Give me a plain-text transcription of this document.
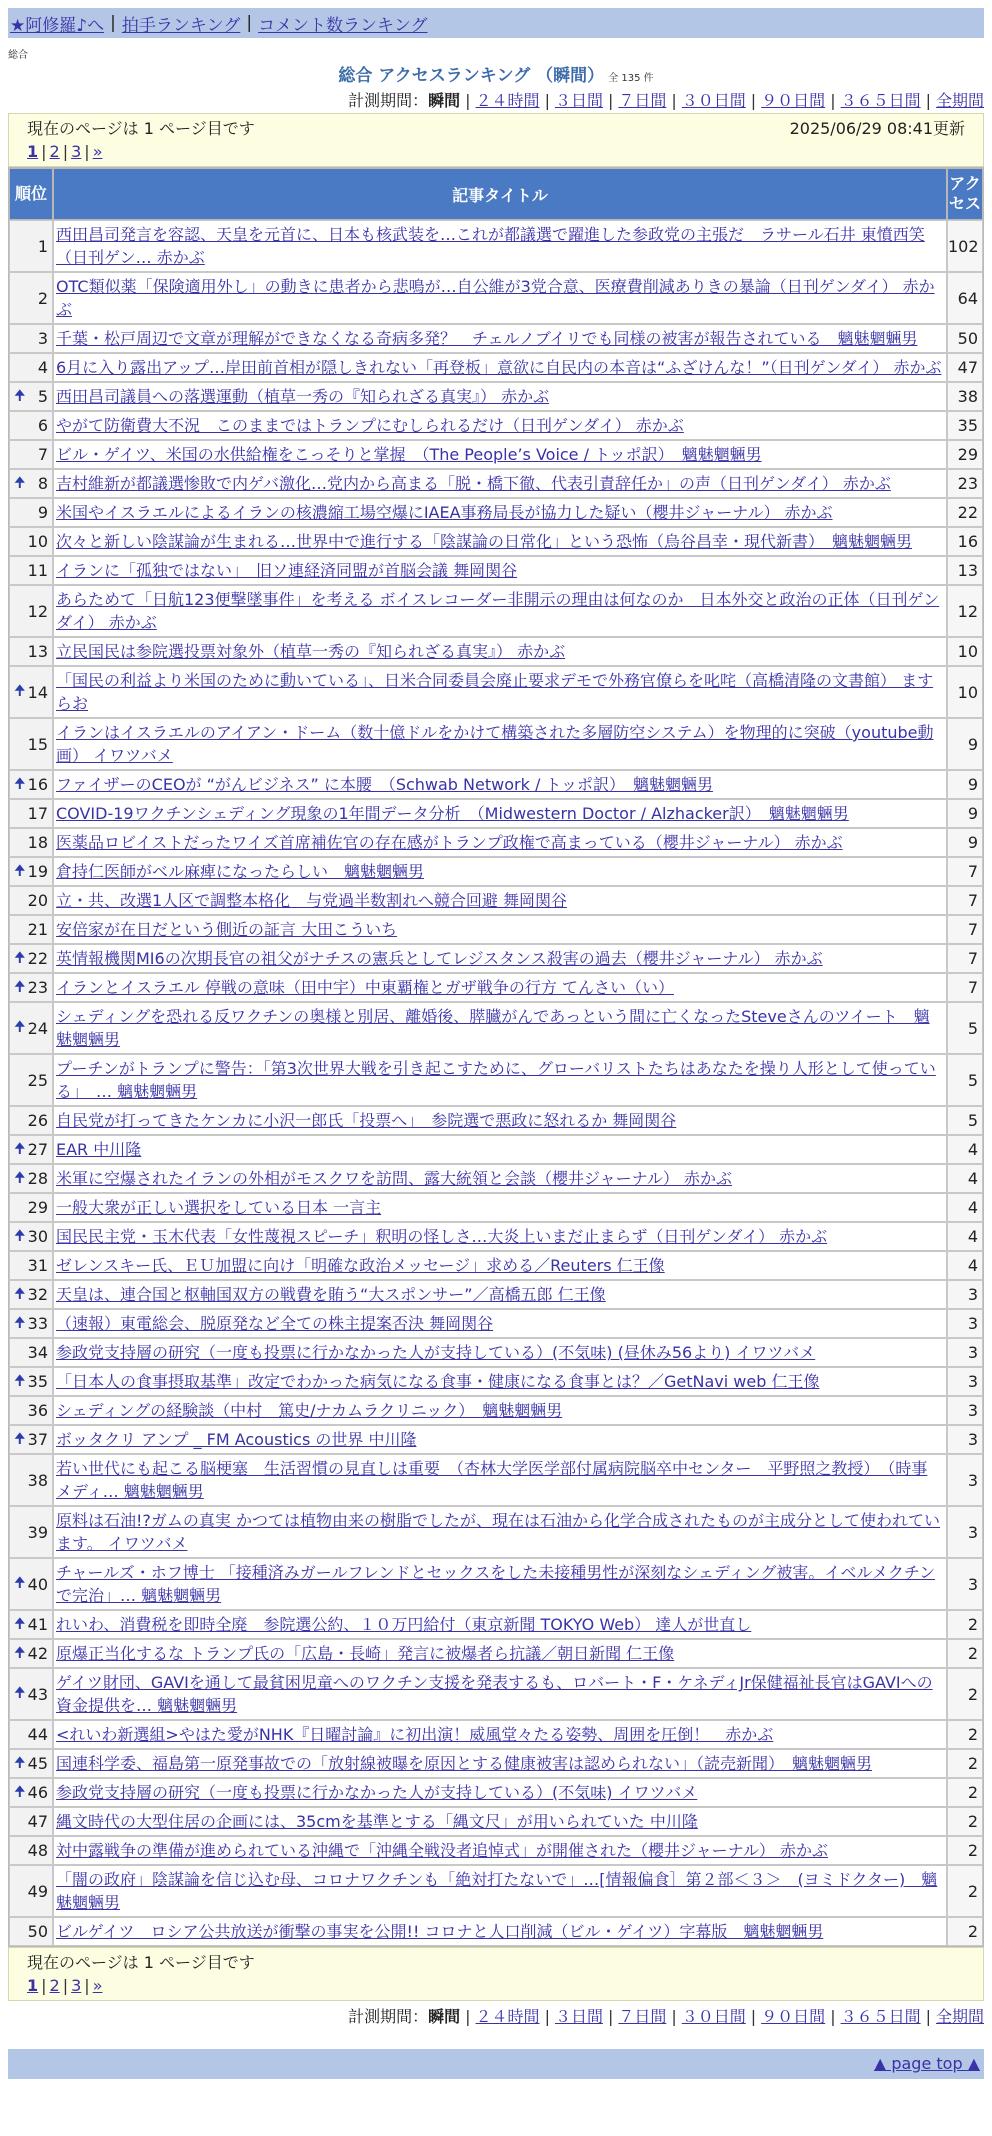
★阿修羅♪へ | 拍手ランキング | コメント数ランキング
総合
総合 アクセスランキング （瞬間） 全 135 件
計測期間：瞬間 | ２４時間 | ３日間 | ７日間 | ３０日間 | ９０日間 | ３６５日間 | 全期間
現在のページは 1 ページ目です	2025/06/29 08:41更新
1 | 2 | 3 | »
順位	記事タイトル	アクセス
1	西田昌司発言を容認、天皇を元首に、日本も核武装を…これが都議選で躍進した参政党の主張だ　ラサール石井 東憤西笑（日刊ゲン… 赤かぶ	102
2	OTC類似薬「保険適用外し」の動きに患者から悲鳴が…自公維が3党合意、医療費削減ありきの暴論（日刊ゲンダイ） 赤かぶ	64
3	千葉・松戸周辺で文章が理解ができなくなる奇病多発？　チェルノブイリでも同様の被害が報告されている　魑魅魍魎男	50
4	6月に入り露出アップ…岸田前首相が隠しきれない「再登板」意欲に自民内の本音は“ふざけんな！”（日刊ゲンダイ） 赤かぶ	47

🠉 5	西田昌司議員への落選運動（植草一秀の『知られざる真実』） 赤かぶ	38
6	やがて防衛費大不況　このままではトランプにむしられるだけ（日刊ゲンダイ） 赤かぶ	35
7	ビル・ゲイツ、米国の水供給権をこっそりと掌握　（The People’s Voice / トッポ訳）　魑魅魍魎男	29

🠉 8	吉村維新が都議選惨敗で内ゲバ激化…党内から高まる「脱・橋下徹、代表引責辞任か」の声（日刊ゲンダイ） 赤かぶ	23
9	米国やイスラエルによるイランの核濃縮工場空爆にIAEA事務局長が協力した疑い（櫻井ジャーナル） 赤かぶ	22
10	次々と新しい陰謀論が生まれる…世界中で進行する「陰謀論の日常化」という恐怖（烏谷昌幸・現代新書）　魑魅魍魎男	16
11	イランに「孤独ではない」　旧ソ連経済同盟が首脳会議 舞岡関谷	13
12	あらためて「日航123便撃墜事件」を考える ボイスレコーダー非開示の理由は何なのか　日本外交と政治の正体（日刊ゲンダイ） 赤かぶ	12
13	立民国民は参院選投票対象外（植草一秀の『知られざる真実』） 赤かぶ	10

🠉 14	「国民の利益より米国のために動いている」、日米合同委員会廃止要求デモで外務官僚らを叱咤（高橋清隆の文書館） ますらお	10
15	イランはイスラエルのアイアン・ドーム（数十億ドルをかけて構築された多層防空システム）を物理的に突破（youtube動画） イワツバメ	9

🠉 16	ファイザーのCEOが “がんビジネス” に本腰　（Schwab Network / トッポ訳）　魑魅魍魎男	9
17	COVID-19ワクチンシェディング現象の1年間データ分析　（Midwestern Doctor / Alzhacker訳）　魑魅魍魎男	9
18	医薬品ロビイストだったワイズ首席補佐官の存在感がトランプ政権で高まっている（櫻井ジャーナル） 赤かぶ	9

🠉 19	倉持仁医師がベル麻痺になったらしい　魑魅魍魎男	7
20	立・共、改選1人区で調整本格化　与党過半数割れへ競合回避 舞岡関谷	7
21	安倍家が在日だという側近の証言 大田こういち	7

🠉 22	英情報機関MI6の次期長官の祖父がナチスの憲兵としてレジスタンス殺害の過去（櫻井ジャーナル） 赤かぶ	7

🠉 23	イランとイスラエル 停戦の意味（田中宇）中東覇権とガザ戦争の行方 てんさい（い）	7

🠉 24	シェディングを恐れる反ワクチンの奥様と別居、離婚後、膵臓がんであっという間に亡くなったSteveさんのツイート　魑魅魍魎男	5
25	プーチンがトランプに警告：「第3次世界大戦を引き起こすために、グローバリストたちはあなたを操り人形として使っている」　… 魑魅魍魎男	5
26	自民党が打ってきたケンカに小沢一郎氏「投票へ」　参院選で悪政に怒れるか 舞岡関谷	5

🠉 27	EAR 中川隆	4

🠉 28	米軍に空爆されたイランの外相がモスクワを訪問、露大統領と会談（櫻井ジャーナル） 赤かぶ	4
29	一般大衆が正しい選択をしている日本 一言主	4

🠉 30	国民民主党・玉木代表「女性蔑視スピーチ」釈明の怪しさ…大炎上いまだ止まらず（日刊ゲンダイ） 赤かぶ	4
31	ゼレンスキー氏、ＥＵ加盟に向け「明確な政治メッセージ」求める／Reuters 仁王像	4

🠉 32	天皇は、連合国と枢軸国双方の戦費を賄う“大スポンサー”／高橋五郎 仁王像	3

🠉 33	（速報）東電総会、脱原発など全ての株主提案否決 舞岡関谷	3
34	参政党支持層の研究（一度も投票に行かなかった人が支持している）(不気味) (昼休み56より) イワツバメ	3

🠉 35	「日本人の食事摂取基準」改定でわかった病気になる食事・健康になる食事とは？／GetNavi web 仁王像	3
36	シェディングの経験談（中村　篤史/ナカムラクリニック）　魑魅魍魎男	3

🠉 37	ボッタクリ アンプ _ FM Acoustics の世界 中川隆	3
38	若い世代にも起こる脳梗塞　生活習慣の見直しは重要　（杏林大学医学部付属病院脳卒中センター　平野照之教授）　（時事メディ… 魑魅魍魎男	3
39	原料は石油!?ガムの真実 かつては植物由来の樹脂でしたが、現在は石油から化学合成されたものが主成分として使われています。 イワツバメ	3

🠉 40	チャールズ・ホフ博士 「接種済みガールフレンドとセックスをした未接種男性が深刻なシェディング被害。イベルメクチンで完治」… 魑魅魍魎男	3

🠉 41	れいわ、消費税を即時全廃　参院選公約、１０万円給付（東京新聞 TOKYO Web） 達人が世直し	2

🠉 42	原爆正当化するな トランプ氏の「広島・長崎」発言に被爆者ら抗議／朝日新聞 仁王像	2

🠉 43	ゲイツ財団、GAVIを通して最貧困児童へのワクチン支援を発表するも、ロバート・F・ケネディJr保健福祉長官はGAVIへの資金提供を… 魑魅魍魎男	2
44	<れいわ新選組>やはた愛がNHK『日曜討論』に初出演！威風堂々たる姿勢、周囲を圧倒！　赤かぶ	2

🠉 45	国連科学委、福島第一原発事故での「放射線被曝を原因とする健康被害は認められない」（読売新聞）　魑魅魍魎男	2

🠉 46	参政党支持層の研究（一度も投票に行かなかった人が支持している）(不気味) イワツバメ	2
47	縄文時代の大型住居の企画には、35cmを基準とする「縄文尺」が用いられていた 中川隆	2
48	対中露戦争の準備が進められている沖縄で「沖縄全戦没者追悼式」が開催された（櫻井ジャーナル） 赤かぶ	2
49	「闇の政府」陰謀論を信じ込む母、コロナワクチンも「絶対打たないで」…[情報偏食］第２部＜３＞　(ヨミドクター)　魑魅魍魎男	2
50	ビルゲイツ　ロシア公共放送が衝撃の事実を公開!! コロナと人口削減（ビル・ゲイツ）字幕版　魑魅魍魎男	2
現在のページは 1 ページ目です
1 | 2 | 3 | »
計測期間：瞬間 | ２４時間 | ３日間 | ７日間 | ３０日間 | ９０日間 | ３６５日間 | 全期間
▲ page top ▲
